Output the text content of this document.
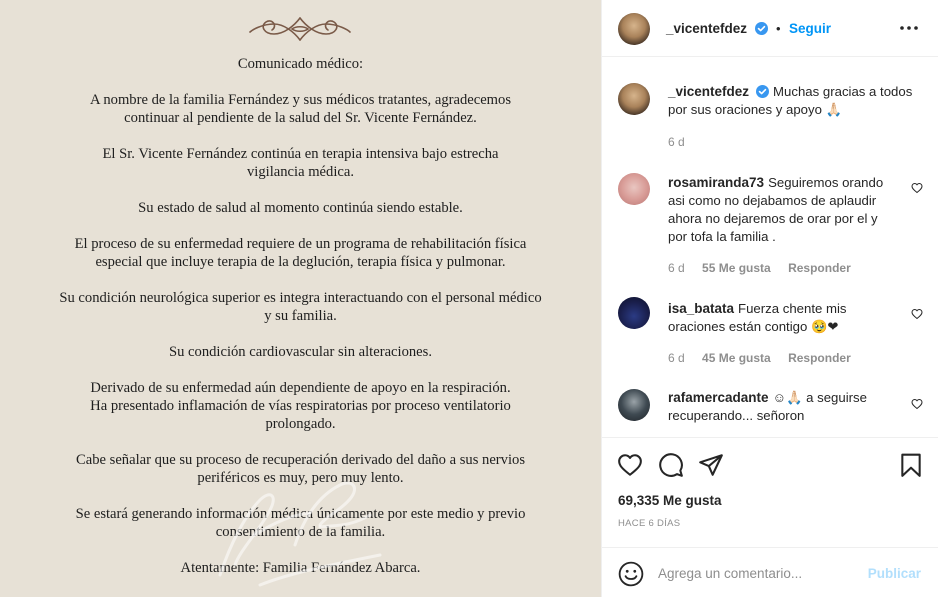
Comunicado médico:
A nombre de la familia Fernández y sus médicos tratantes, agradecemos
continuar al pendiente de la salud del Sr. Vicente Fernández.
El Sr. Vicente Fernández continúa en terapia intensiva bajo estrecha
vigilancia médica.
Su estado de salud al momento continúa siendo estable.
El proceso de su enfermedad requiere de un programa de rehabilitación física
especial que incluye terapia de la deglución, terapia física y pulmonar.
Su condición neurológica superior es integra interactuando con el personal médico
y su familia.
Su condición cardiovascular sin alteraciones.
Derivado de su enfermedad aún dependiente de apoyo en la respiración.
Ha presentado inflamación de vías respiratorias por proceso ventilatorio
prolongado.
Cabe señalar que su proceso de recuperación derivado del daño a sus nervios
periféricos es muy, pero muy lento.
Se estará generando información médica únicamente por este medio y previo
consentimiento de la familia.
Atentamente: Familia Fernández Abarca.
_vicentefdez • Seguir
_vicentefdez Muchas gracias a todos por sus oraciones y apoyo 🙏🏻
6 d
rosamiranda73 Seguiremos orando asi como no dejabamos de aplaudir ahora no dejaremos de orar por el y por tofa la familia .
6 d 55 Me gusta Responder
isa_batata Fuerza chente mis oraciones están contigo 🥹❤
6 d 45 Me gusta Responder
rafamercadante ☺🙏🏻 a seguirse recuperando... señoron
69,335 Me gusta
HACE 6 DÍAS
Agrega un comentario...
Publicar
